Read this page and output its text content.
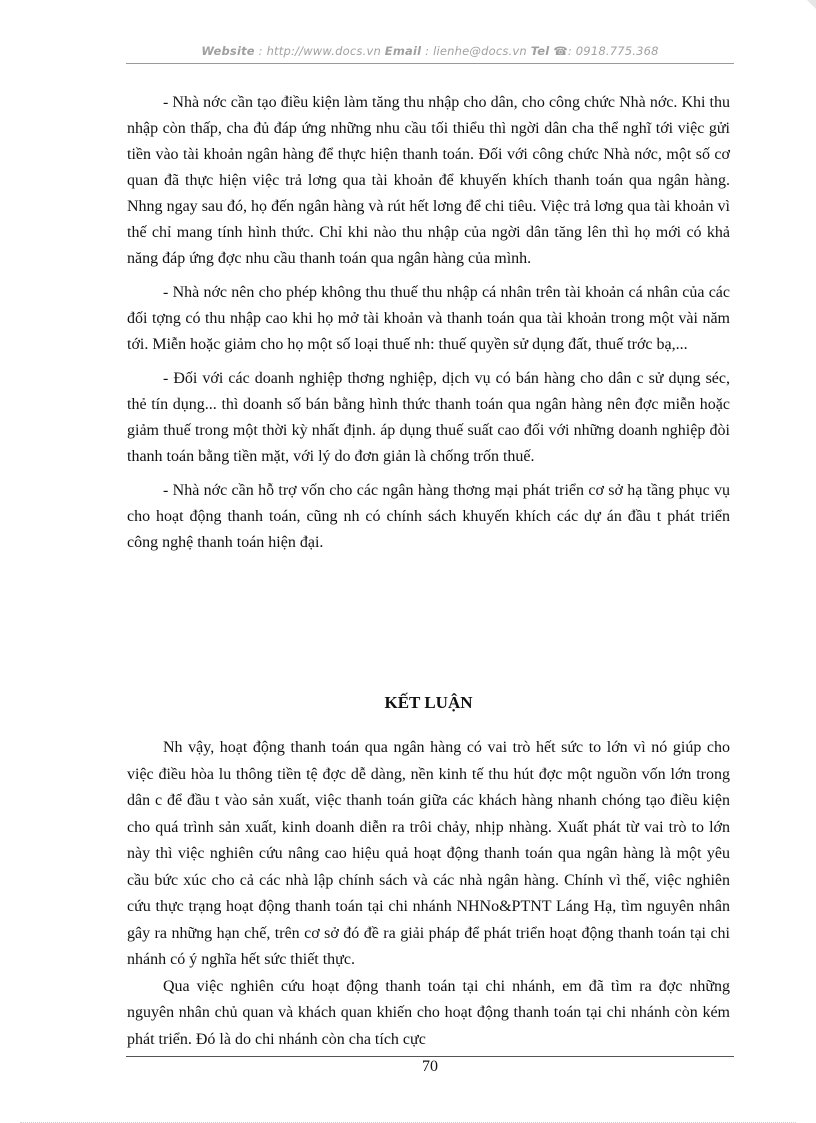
Website : http://www.docs.vn Email : lienhe@docs.vn Tel ☎: 0918.775.368

- Nhà nớc cần tạo điều kiện làm tăng thu nhập cho dân, cho công chức Nhà nớc. Khi thu nhập còn thấp, cha đủ đáp ứng những nhu cầu tối thiểu thì ngời dân cha thể nghĩ tới việc gửi tiền vào tài khoản ngân hàng để thực hiện thanh toán. Đối với công chức Nhà nớc, một số cơ quan đã thực hiện việc trả lơng qua tài khoản để khuyến khích thanh toán qua ngân hàng. Nhng ngay sau đó, họ đến ngân hàng và rút hết lơng để chi tiêu. Việc trả lơng qua tài khoản vì thế chỉ mang tính hình thức. Chỉ khi nào thu nhập của ngời dân tăng lên thì họ mới có khả năng đáp ứng đợc nhu cầu thanh toán qua ngân hàng của mình.

- Nhà nớc nên cho phép không thu thuế thu nhập cá nhân trên tài khoản cá nhân của các đối tợng có thu nhập cao khi họ mở tài khoản và thanh toán qua tài khoản trong một vài năm tới. Miễn hoặc giảm cho họ một số loại thuế nh: thuế quyền sử dụng đất, thuế trớc bạ,...

- Đối với các doanh nghiệp thơng nghiệp, dịch vụ có bán hàng cho dân c sử dụng séc, thẻ tín dụng... thì doanh số bán bằng hình thức thanh toán qua ngân hàng nên đợc miễn hoặc giảm thuế trong một thời kỳ nhất định. áp dụng thuế suất cao đối với những doanh nghiệp đòi thanh toán bằng tiền mặt, với lý do đơn giản là chống trốn thuế.

- Nhà nớc cần hỗ trợ vốn cho các ngân hàng thơng mại phát triển cơ sở hạ tầng phục vụ cho hoạt động thanh toán, cũng nh có chính sách khuyến khích các dự án đầu t phát triển công nghệ thanh toán hiện đại.

KẾT LUẬN

Nh vậy, hoạt động thanh toán qua ngân hàng có vai trò hết sức to lớn vì nó giúp cho việc điều hòa lu thông tiền tệ đợc dễ dàng, nền kinh tế thu hút đợc một nguồn vốn lớn trong dân c để đầu t vào sản xuất, việc thanh toán giữa các khách hàng nhanh chóng tạo điều kiện cho quá trình sản xuất, kinh doanh diễn ra trôi chảy, nhịp nhàng. Xuất phát từ vai trò to lớn này thì việc nghiên cứu nâng cao hiệu quả hoạt động thanh toán qua ngân hàng là một yêu cầu bức xúc cho cả các nhà lập chính sách và các nhà ngân hàng. Chính vì thế, việc nghiên cứu thực trạng hoạt động thanh toán tại chi nhánh NHNo&PTNT Láng Hạ, tìm nguyên nhân gây ra những hạn chế, trên cơ sở đó đề ra giải pháp để phát triển hoạt động thanh toán tại chi nhánh có ý nghĩa hết sức thiết thực.

Qua việc nghiên cứu hoạt động thanh toán tại chi nhánh, em đã tìm ra đợc những nguyên nhân chủ quan và khách quan khiến cho hoạt động thanh toán tại chi nhánh còn kém phát triển. Đó là do chi nhánh còn cha tích cực

70
